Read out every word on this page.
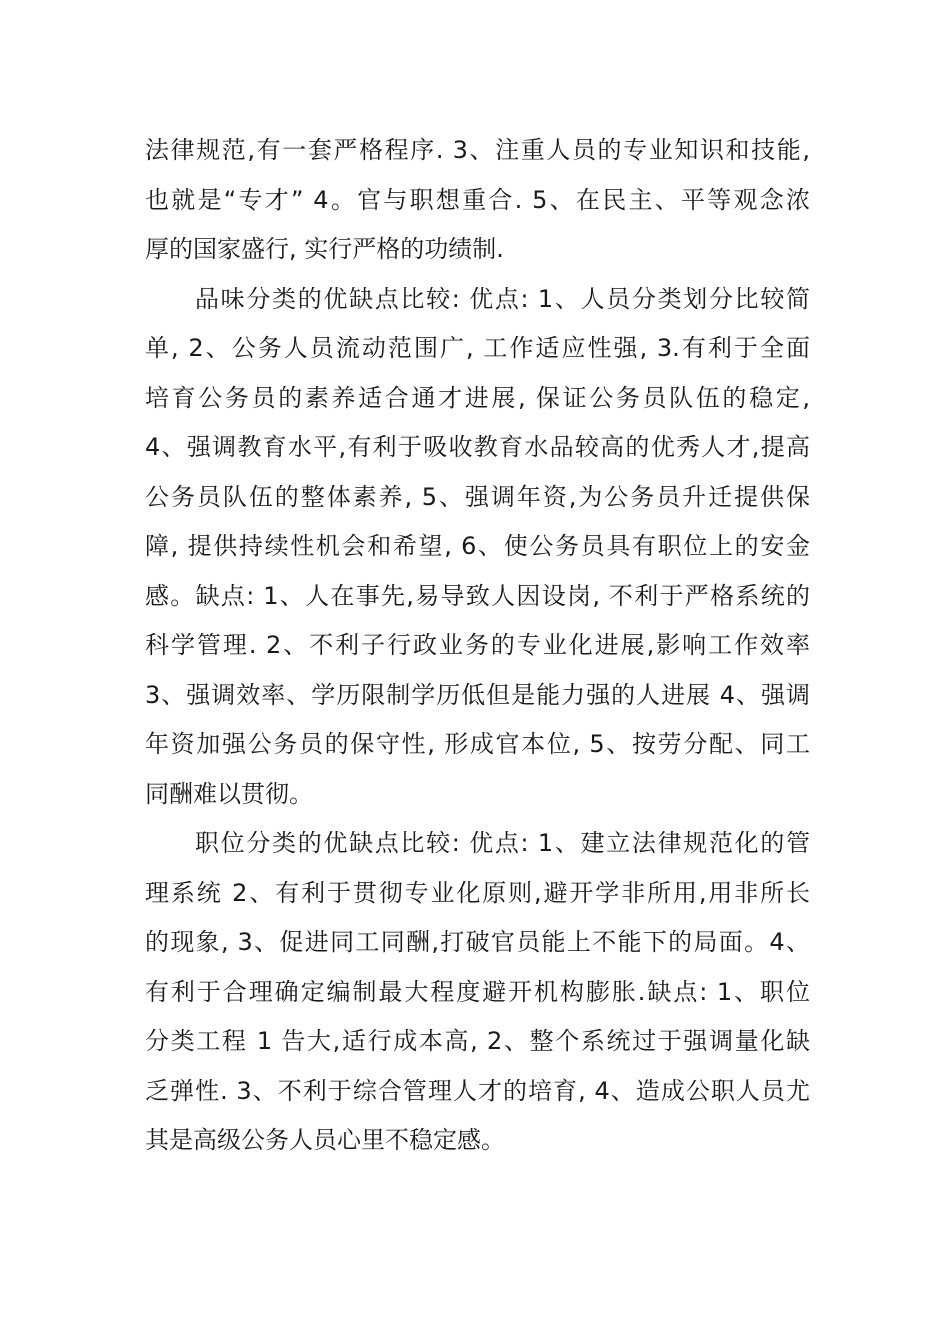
法律规范,有一套严格程序. 3、注重人员的专业知识和技能,
也就是“专才” 4。官与职想重合. 5、在民主、平等观念浓
厚的国家盛行, 实行严格的功绩制.
品味分类的优缺点比较: 优点: 1、人员分类划分比较简
单, 2、公务人员流动范围广, 工作适应性强, 3.有利于全面
培育公务员的素养适合通才进展, 保证公务员队伍的稳定,
4、强调教育水平,有利于吸收教育水品较高的优秀人才,提高
公务员队伍的整体素养, 5、强调年资,为公务员升迁提供保
障, 提供持续性机会和希望, 6、使公务员具有职位上的安金
感。缺点: 1、人在事先,易导致人因设岗, 不利于严格系统的
科学管理. 2、不利子行政业务的专业化进展,影响工作效率
3、强调效率、学历限制学历低但是能力强的人进展 4、强调
年资加强公务员的保守性, 形成官本位, 5、按劳分配、同工
同酬难以贯彻。
职位分类的优缺点比较: 优点: 1、建立法律规范化的管
理系统 2、有利于贯彻专业化原则,避开学非所用,用非所长
的现象, 3、促进同工同酬,打破官员能上不能下的局面。4、
有利于合理确定编制最大程度避开机构膨胀.缺点: 1、职位
分类工程 1 告大,适行成本高, 2、整个系统过于强调量化缺
乏弹性. 3、不利于综合管理人才的培育, 4、造成公职人员尤
其是高级公务人员心里不稳定感。
